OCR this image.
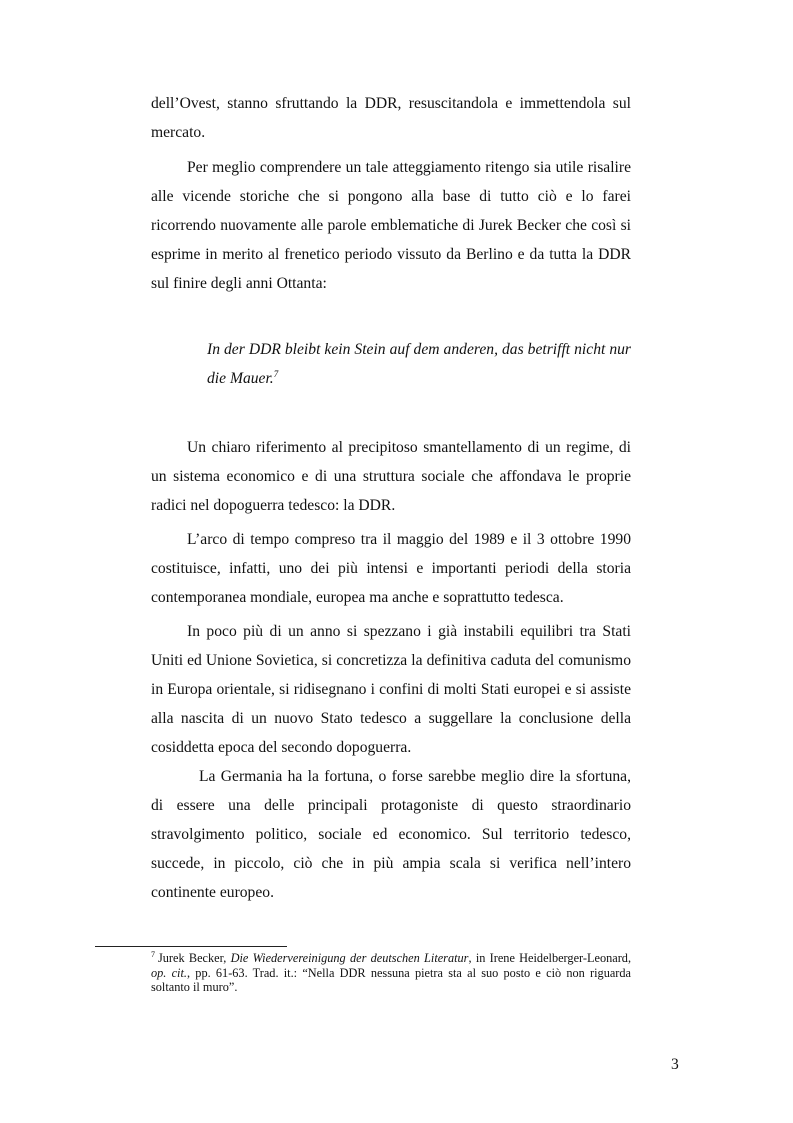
dell’Ovest, stanno sfruttando la DDR, resuscitandola e immettendola sul mercato.

Per meglio comprendere un tale atteggiamento ritengo sia utile risalire alle vicende storiche che si pongono alla base di tutto ciò e lo farei ricorrendo nuovamente alle parole emblematiche di Jurek Becker che così si esprime in merito al frenetico periodo vissuto da Berlino e da tutta la DDR sul finire degli anni Ottanta:

In der DDR bleibt kein Stein auf dem anderen, das betrifft nicht nur die Mauer.$^7$

Un chiaro riferimento al precipitoso smantellamento di un regime, di un sistema economico e di una struttura sociale che affondava le proprie radici nel dopoguerra tedesco: la DDR.

L’arco di tempo compreso tra il maggio del 1989 e il 3 ottobre 1990 costituisce, infatti, uno dei più intensi e importanti periodi della storia contemporanea mondiale, europea ma anche e soprattutto tedesca.

In poco più di un anno si spezzano i già instabili equilibri tra Stati Uniti ed Unione Sovietica, si concretizza la definitiva caduta del comunismo in Europa orientale, si ridisegnano i confini di molti Stati europei e si assiste alla nascita di un nuovo Stato tedesco a suggellare la conclusione della cosiddetta epoca del secondo dopoguerra.

La Germania ha la fortuna, o forse sarebbe meglio dire la sfortuna, di essere una delle principali protagoniste di questo straordinario stravolgimento politico, sociale ed economico. Sul territorio tedesco, succede, in piccolo, ciò che in più ampia scala si verifica nell’intero continente europeo.

$^7$ Jurek Becker, Die Wiedervereinigung der deutschen Literatur, in Irene Heidelberger-Leonard, op. cit., pp. 61-63. Trad. it.: “Nella DDR nessuna pietra sta al suo posto e ciò non riguarda soltanto il muro”.

3
